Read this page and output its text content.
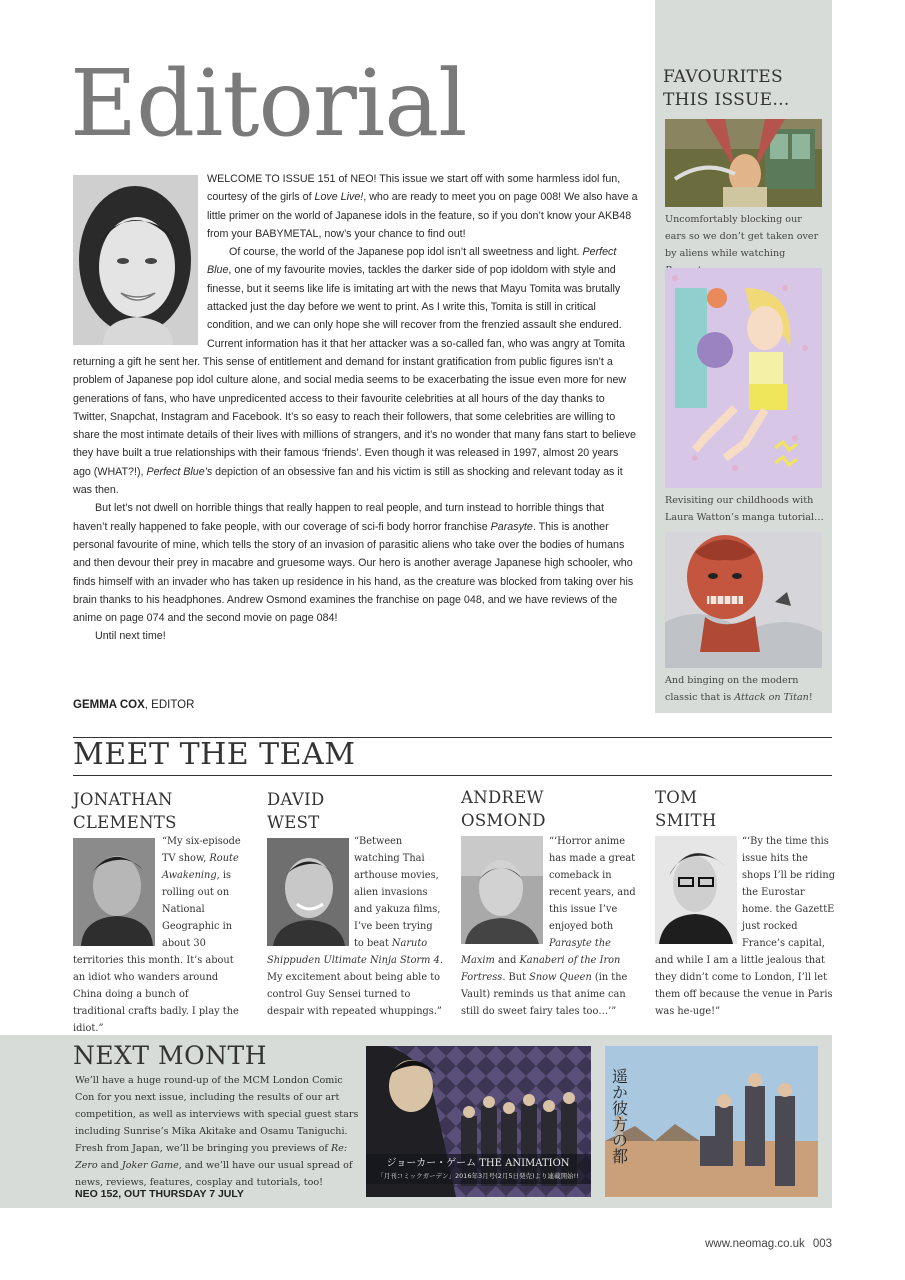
Editorial

WELCOME TO ISSUE 151 of NEO! This issue we start off with some harmless idol fun, courtesy of the girls of Love Live!, who are ready to meet you on page 008! We also have a little primer on the world of Japanese idols in the feature, so if you don’t know your AKB48 from your BABYMETAL, now’s your chance to find out!

Of course, the world of the Japanese pop idol isn’t all sweetness and light. Perfect Blue, one of my favourite movies, tackles the darker side of pop idoldom with style and finesse, but it seems like life is imitating art with the news that Mayu Tomita was brutally attacked just the day before we went to print. As I write this, Tomita is still in critical condition, and we can only hope she will recover from the frenzied assault she endured. Current information has it that her attacker was a so-called fan, who was angry at Tomita returning a gift he sent her. This sense of entitlement and demand for instant gratification from public figures isn’t a problem of Japanese pop idol culture alone, and social media seems to be exacerbating the issue even more for new generations of fans, who have unpredicented access to their favourite celebrities at all hours of the day thanks to Twitter, Snapchat, Instagram and Facebook. It’s so easy to reach their followers, that some celebrities are willing to share the most intimate details of their lives with millions of strangers, and it’s no wonder that many fans start to believe they have built a true relationships with their famous ‘friends’. Even though it was released in 1997, almost 20 years ago (WHAT?!), Perfect Blue’s depiction of an obsessive fan and his victim is still as shocking and relevant today as it was then.

But let’s not dwell on horrible things that really happen to real people, and turn instead to horrible things that haven’t really happened to fake people, with our coverage of sci-fi body horror franchise Parasyte. This is another personal favourite of mine, which tells the story of an invasion of parasitic aliens who take over the bodies of humans and then devour their prey in macabre and gruesome ways. Our hero is another average Japanese high schooler, who finds himself with an invader who has taken up residence in his hand, as the creature was blocked from taking over his brain thanks to his headphones. Andrew Osmond examines the franchise on page 048, and we have reviews of the anime on page 074 and the second movie on page 084!

Until next time!

GEMMA COX, EDITOR
FAVOURITES
THIS ISSUE…
Uncomfortably blocking our ears so we don’t get taken over by aliens while watching
Revisiting our childhoods with Laura Watton’s manga tutorial…
And binging on the modern classic that is Attack on Titan!
MEET THE TEAM
JONATHAN
CLEMENTS
“My six-episode TV show, Route Awakening, is rolling out on National Geographic in about 30 territories this month. It’s about an idiot who wanders around China doing a bunch of traditional crafts badly. I play the idiot.”
DAVID
WEST
“Between watching Thai arthouse movies, alien invasions and yakuza films, I’ve been trying to beat Naruto Shippuden Ultimate Ninja Storm 4. My excitement about being able to control Guy Sensei turned to despair with repeated whuppings.”
ANDREW
OSMOND
“‘Horror anime has made a great comeback in recent years, and this issue I’ve enjoyed both Parasyte the Maxim and Kanaberi of the Iron Fortress. But Snow Queen (in the Vault) reminds us that anime can still do sweet fairy tales too…’”
TOM
SMITH
“‘By the time this issue hits the shops I’ll be riding the Eurostar home. the GazettE just rocked France’s capital, and while I am a little jealous that they didn’t come to London, I’ll let them off because the venue in Paris was he-uge!”
NEXT MONTH
We’ll have a huge round-up of the MCM London Comic Con for you next issue, including the results of our art competition, as well as interviews with special guest stars including Sunrise’s Mika Akitake and Osamu Taniguchi. Fresh from Japan, we’ll be bringing you previews of Re: Zero and Joker Game, and we’ll have our usual spread of news, reviews, features, cosplay and tutorials, too!
NEO 152, OUT THURSDAY 7 JULY
ジョーカー・ゲーム THE ANIMATION
「月刊コミックガーデン」2016年3月号(2月5日発売)より連載開始!!
遥か彼方の都
www.neomag.co.uk 003
